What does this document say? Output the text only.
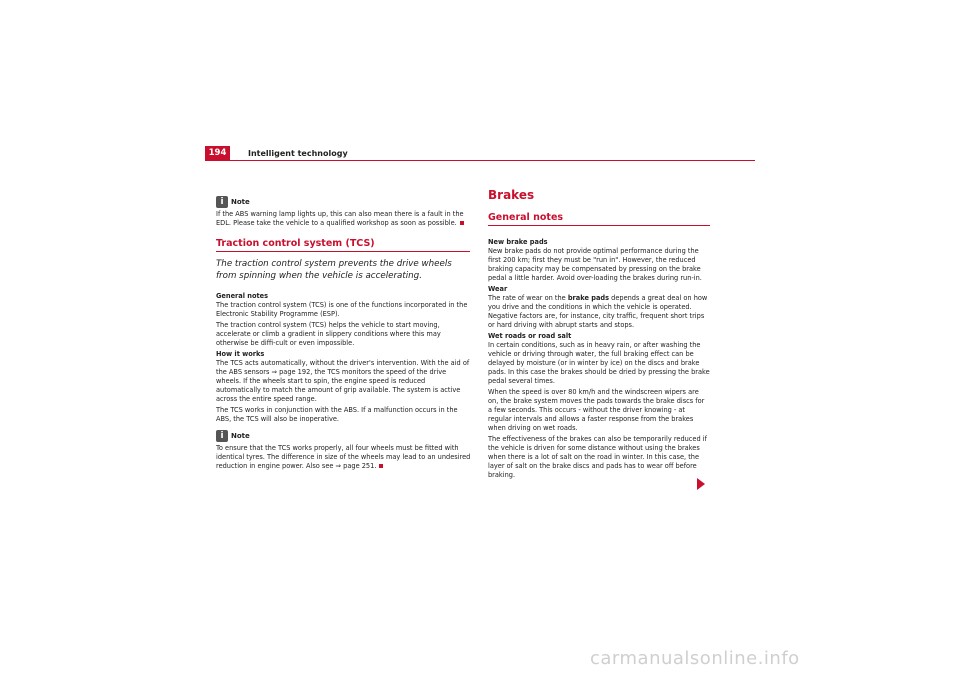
194	Intelligent technology
i Note

If the ABS warning lamp lights up, this can also mean there is a fault in the EDL. Please take the vehicle to a qualified workshop as soon as possible.

Traction control system (TCS)
The traction control system prevents the drive wheels from spinning when the vehicle is accelerating.

General notes

The traction control system (TCS) is one of the functions incorporated in the Electronic Stability Programme (ESP).

The traction control system (TCS) helps the vehicle to start moving, accelerate or climb a gradient in slippery conditions where this may otherwise be diffi-cult or even impossible.

How it works

The TCS acts automatically, without the driver's intervention. With the aid of the ABS sensors ⇒ page 192, the TCS monitors the speed of the drive wheels. If the wheels start to spin, the engine speed is reduced automatically to match the amount of grip available. The system is active across the entire speed range.

The TCS works in conjunction with the ABS. If a malfunction occurs in the ABS, the TCS will also be inoperative.

i Note

To ensure that the TCS works properly, all four wheels must be fitted with identical tyres. The difference in size of the wheels may lead to an undesired reduction in engine power. Also see ⇒ page 251.

Brakes
General notes

New brake pads

New brake pads do not provide optimal performance during the first 200 km; first they must be "run in". However, the reduced braking capacity may be compensated by pressing on the brake pedal a little harder. Avoid over-loading the brakes during run-in.

Wear

The rate of wear on the brake pads depends a great deal on how you drive and the conditions in which the vehicle is operated. Negative factors are, for instance, city traffic, frequent short trips or hard driving with abrupt starts and stops.

Wet roads or road salt

In certain conditions, such as in heavy rain, or after washing the vehicle or driving through water, the full braking effect can be delayed by moisture (or in winter by ice) on the discs and brake pads. In this case the brakes should be dried by pressing the brake pedal several times.

When the speed is over 80 km/h and the windscreen wipers are on, the brake system moves the pads towards the brake discs for a few seconds. This occurs - without the driver knowing - at regular intervals and allows a faster response from the brakes when driving on wet roads.

The effectiveness of the brakes can also be temporarily reduced if the vehicle is driven for some distance without using the brakes when there is a lot of salt on the road in winter. In this case, the layer of salt on the brake discs and pads has to wear off before braking.

carmanualsonline.info
